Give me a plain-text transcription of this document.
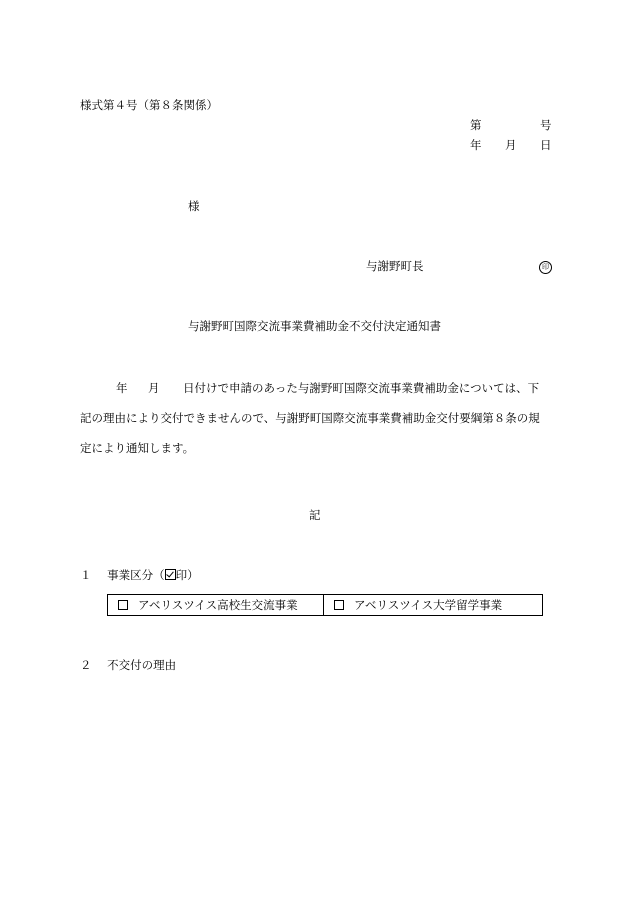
様式第４号（第８条関係）
第	号
年 月 日
様
与謝野町長	印
与謝野町国際交流事業費補助金不交付決定通知書
年 月 日付けで申請のあった与謝野町国際交流事業費補助金については、下
記の理由により交付できませんので、与謝野町国際交流事業費補助金交付要綱第８条の規
定により通知します。
記
１ 事業区分（ 印）
アベリスツイス高校生交流事業	アベリスツイス大学留学事業
２ 不交付の理由
